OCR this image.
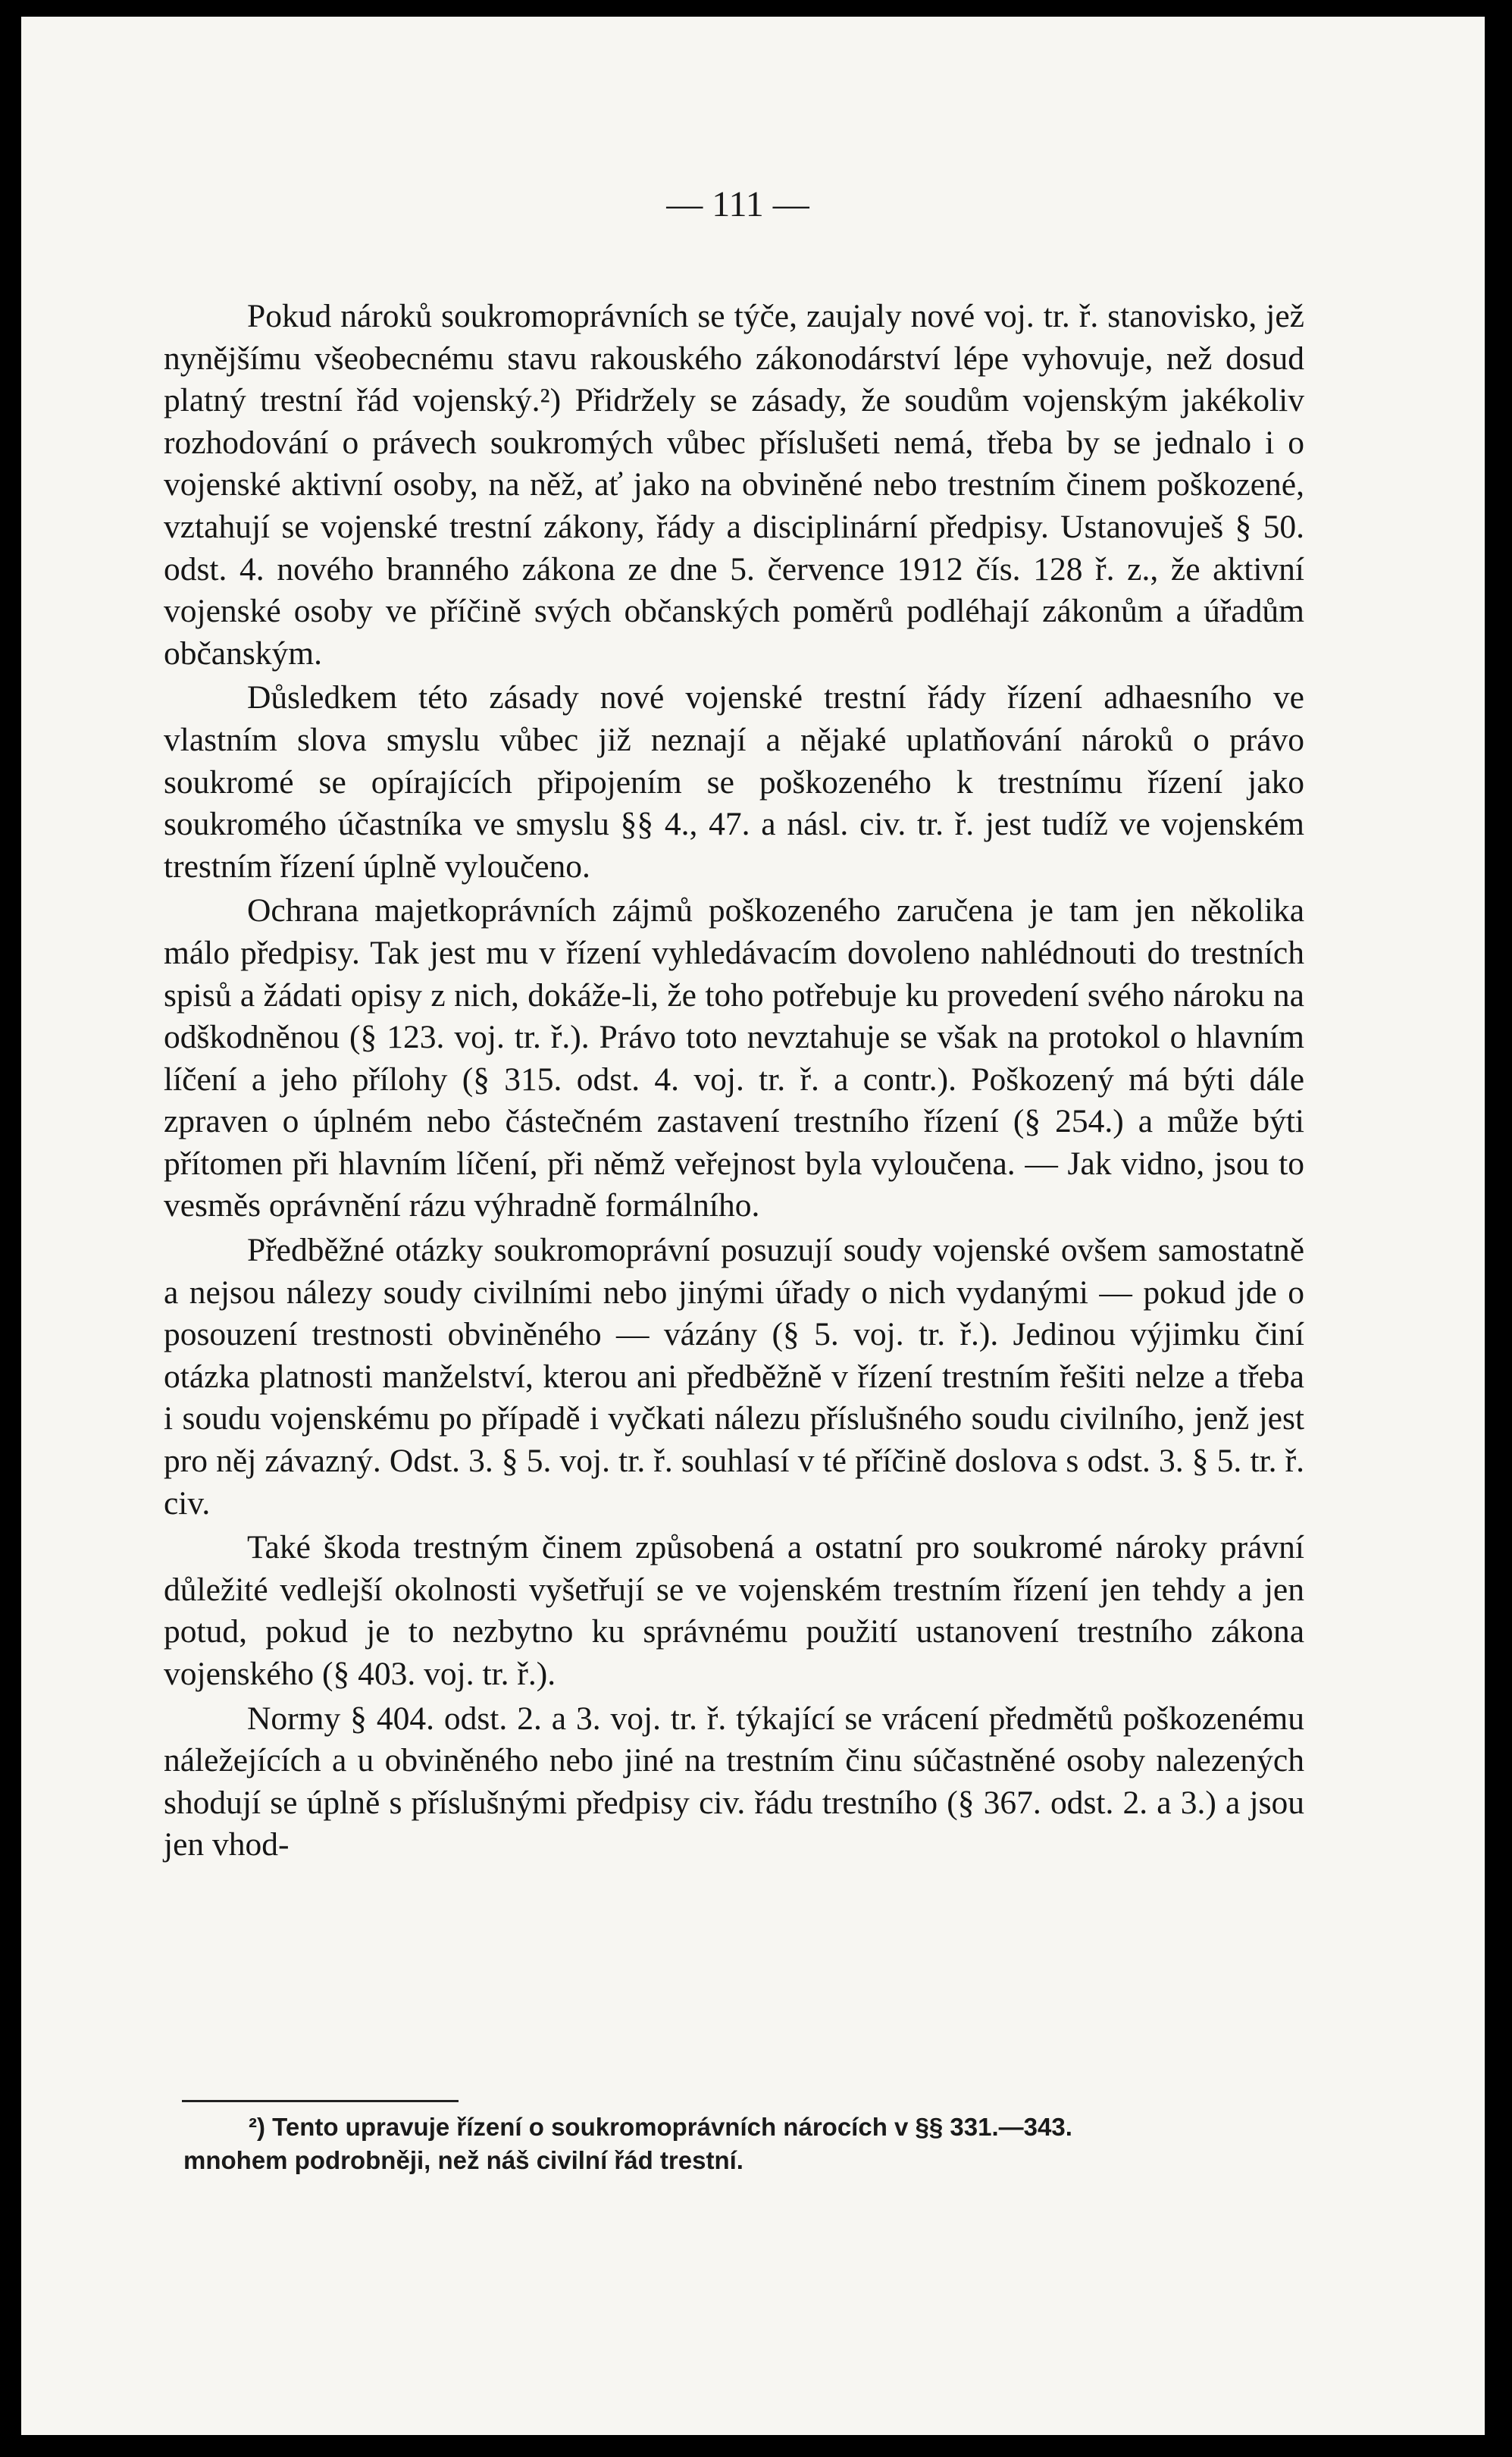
— 111 —

Pokud nároků soukromoprávních se týče, zaujaly nové voj. tr. ř. stanovisko, jež nynějšímu všeobecnému stavu rakouského zákonodárství lépe vyhovuje, než dosud platný trestní řád vojenský.²) Přidržely se zásady, že soudům vojenským jakékoliv rozhodování o právech soukromých vůbec příslušeti nemá, třeba by se jednalo i o vojenské aktivní osoby, na něž, ať jako na obviněné nebo trestním činem poškozené, vztahují se vojenské trestní zákony, řády a disciplinární předpisy. Ustanovuješ § 50. odst. 4. nového branného zákona ze dne 5. července 1912 čís. 128 ř. z., že aktivní vojenské osoby ve příčině svých občanských poměrů podléhají zákonům a úřadům občanským.

Důsledkem této zásady nové vojenské trestní řády řízení adhaesního ve vlastním slova smyslu vůbec již neznají a nějaké uplatňování nároků o právo soukromé se opírajících připojením se poškozeného k trestnímu řízení jako soukromého účastníka ve smyslu §§ 4., 47. a násl. civ. tr. ř. jest tudíž ve vojenském trestním řízení úplně vyloučeno.

Ochrana majetkoprávních zájmů poškozeného zaručena je tam jen několika málo předpisy. Tak jest mu v řízení vyhledávacím dovoleno nahlédnouti do trestních spisů a žádati opisy z nich, dokáže-li, že toho potřebuje ku provedení svého nároku na odškodněnou (§ 123. voj. tr. ř.). Právo toto nevztahuje se však na protokol o hlavním líčení a jeho přílohy (§ 315. odst. 4. voj. tr. ř. a contr.). Poškozený má býti dále zpraven o úplném nebo částečném zastavení trestního řízení (§ 254.) a může býti přítomen při hlavním líčení, při němž veřejnost byla vyloučena. — Jak vidno, jsou to vesměs oprávnění rázu výhradně formálního.

Předběžné otázky soukromoprávní posuzují soudy vojenské ovšem samostatně a nejsou nálezy soudy civilními nebo jinými úřady o nich vydanými — pokud jde o posouzení trestnosti obviněného — vázány (§ 5. voj. tr. ř.). Jedinou výjimku činí otázka platnosti manželství, kterou ani předběžně v řízení trestním řešiti nelze a třeba i soudu vojenskému po případě i vyčkati nálezu příslušného soudu civilního, jenž jest pro něj závazný. Odst. 3. § 5. voj. tr. ř. souhlasí v té příčině doslova s odst. 3. § 5. tr. ř. civ.

Také škoda trestným činem způsobená a ostatní pro soukromé nároky právní důležité vedlejší okolnosti vyšetřují se ve vojenském trestním řízení jen tehdy a jen potud, pokud je to nezbytno ku správnému použití ustanovení trestního zákona vojenského (§ 403. voj. tr. ř.).

Normy § 404. odst. 2. a 3. voj. tr. ř. týkající se vrácení předmětů poškozenému náležejících a u obviněného nebo jiné na trestním činu súčastněné osoby nalezených shodují se úplně s příslušnými předpisy civ. řádu trestního (§ 367. odst. 2. a 3.) a jsou jen vhod-

²) Tento upravuje řízení o soukromoprávních nárocích v §§ 331.—343.
mnohem podrobněji, než náš civilní řád trestní.
